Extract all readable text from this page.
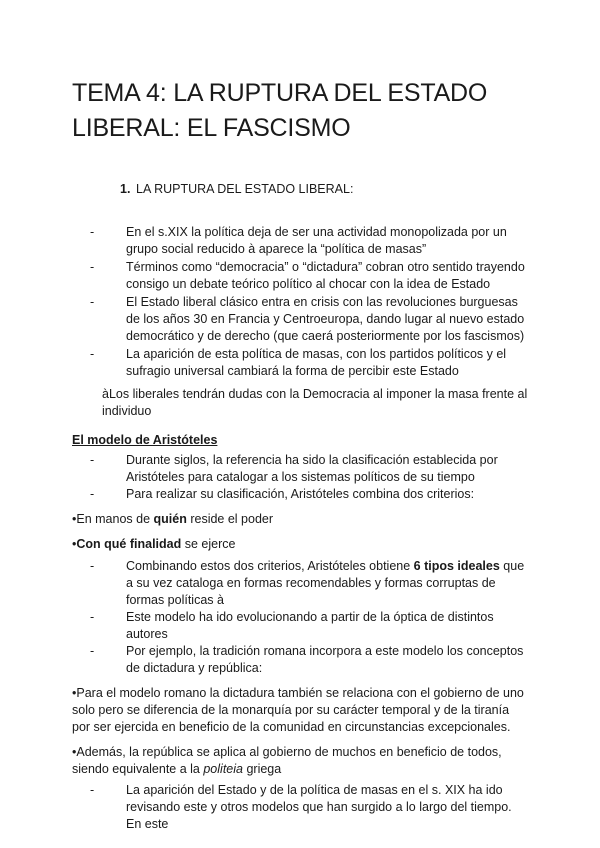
TEMA 4: LA RUPTURA DEL ESTADO
LIBERAL: EL FASCISMO
1. LA RUPTURA DEL ESTADO LIBERAL:
- En el s.XIX la política deja de ser una actividad monopolizada por un grupo social reducido à aparece la “política de masas”
- Términos como “democracia” o “dictadura” cobran otro sentido trayendo consigo un debate teórico político al chocar con la idea de Estado
- El Estado liberal clásico entra en crisis con las revoluciones burguesas de los años 30 en Francia y Centroeuropa, dando lugar al nuevo estado democrático y de derecho (que caerá posteriormente por los fascismos)
- La aparición de esta política de masas, con los partidos políticos y el sufragio universal cambiará la forma de percibir este Estado
àLos liberales tendrán dudas con la Democracia al imponer la masa frente al individuo
El modelo de Aristóteles
- Durante siglos, la referencia ha sido la clasificación establecida por Aristóteles para catalogar a los sistemas políticos de su tiempo
- Para realizar su clasificación, Aristóteles combina dos criterios:
•En manos de quién reside el poder
•Con qué finalidad se ejerce
- Combinando estos dos criterios, Aristóteles obtiene 6 tipos ideales que a su vez cataloga en formas recomendables y formas corruptas de formas políticas à
- Este modelo ha ido evolucionando a partir de la óptica de distintos autores
- Por ejemplo, la tradición romana incorpora a este modelo los conceptos de dictadura y república:
•Para el modelo romano la dictadura también se relaciona con el gobierno de uno solo pero se diferencia de la monarquía por su carácter temporal y de la tiranía por ser ejercida en beneficio de la comunidad en circunstancias excepcionales.
•Además, la república se aplica al gobierno de muchos en beneficio de todos, siendo equivalente a la politeia griega
- La aparición del Estado y de la política de masas en el s. XIX ha ido revisando este y otros modelos que han surgido a lo largo del tiempo. En este
